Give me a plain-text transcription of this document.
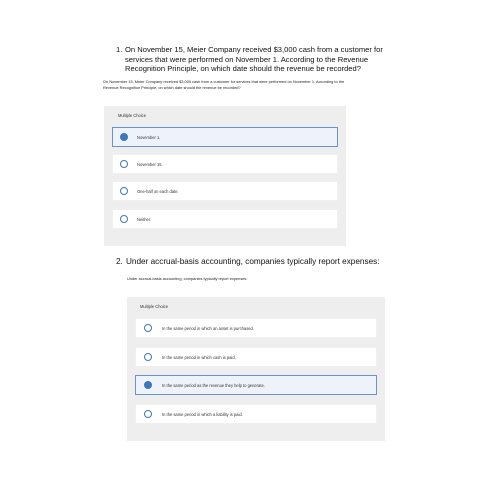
1. On November 15, Meier Company received $3,000 cash from a customer for services that were performed on November 1. According to the Revenue Recognition Principle, on which date should the revenue be recorded?
On November 15, Meier Company received $3,000 cash from a customer for services that were performed on November 1. According to the Revenue Recognition Principle, on which date should the revenue be recorded?
Multiple Choice
November 1.
November 15.
One-half on each date.
Neither.
2. Under accrual-basis accounting, companies typically report expenses:
Under accrual-basis accounting, companies typically report expenses:
Multiple Choice
In the same period in which an asset is purchased.
In the same period in which cash is paid.
In the same period as the revenue they help to generate.
In the same period in which a liability is paid.
